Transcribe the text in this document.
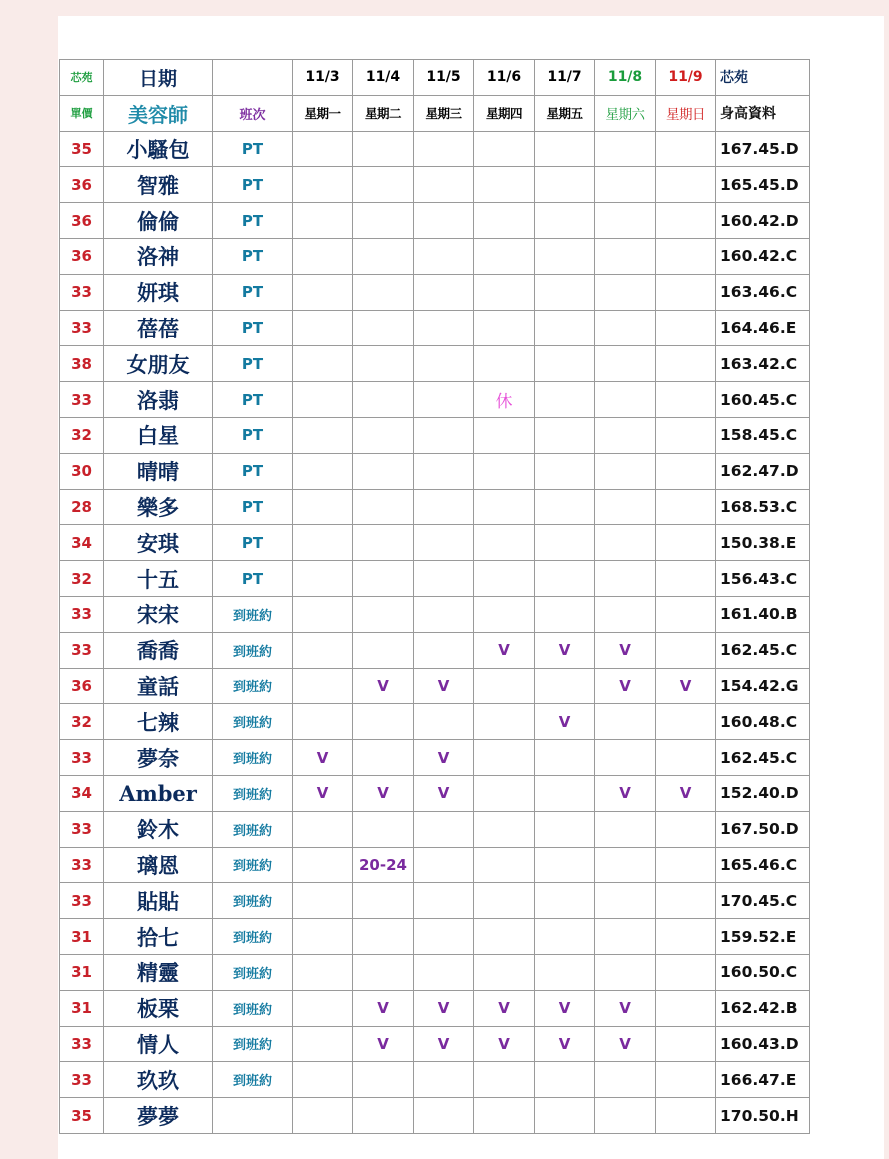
芯苑	日期		11/3	11/4	11/5	11/6	11/7	11/8	11/9	芯苑
單價	美容師	班次	星期一	星期二	星期三	星期四	星期五	星期六	星期日	身高資料
35	小騷包	PT								167.45.D
36	智雅	PT								165.45.D
36	倫倫	PT								160.42.D
36	洛神	PT								160.42.C
33	妍琪	PT								163.46.C
33	蓓蓓	PT								164.46.E
38	女朋友	PT								163.42.C
33	洛翡	PT				休				160.45.C
32	白星	PT								158.45.C
30	晴晴	PT								162.47.D
28	樂多	PT								168.53.C
34	安琪	PT								150.38.E
32	十五	PT								156.43.C
33	宋宋	到班約								161.40.B
33	喬喬	到班約				V	V	V		162.45.C
36	童話	到班約		V	V			V	V	154.42.G
32	七辣	到班約					V			160.48.C
33	夢奈	到班約	V		V					162.45.C
34	Amber	到班約	V	V	V			V	V	152.40.D
33	鈴木	到班約								167.50.D
33	璃恩	到班約		20-24						165.46.C
33	貼貼	到班約								170.45.C
31	拾七	到班約								159.52.E
31	精靈	到班約								160.50.C
31	板栗	到班約		V	V	V	V	V		162.42.B
33	情人	到班約		V	V	V	V	V		160.43.D
33	玖玖	到班約								166.47.E
35	夢夢									170.50.H
